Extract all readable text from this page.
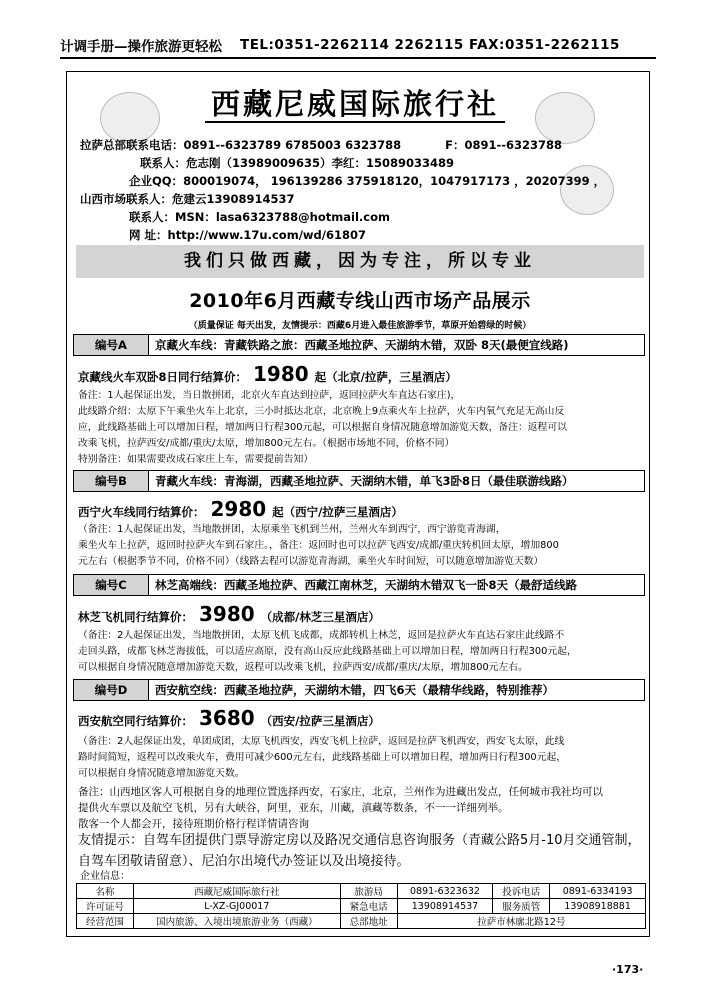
计调手册—操作旅游更轻松 TEL:0351-2262114 2262115 FAX:0351-2262115
西藏尼威国际旅行社
拉萨总部联系电话：0891--6323789 6785003 6323788	F：0891--6323788
联系人：危志刚（13989009635）李红：15089033489
企业QQ：800019074， 196139286 375918120，1047917173 ，20207399 ，
山西市场联系人：危建云13908914537
联系人：MSN：lasa6323788@hotmail.com
网 址：http://www.17u.com/wd/61807
我们只做西藏，因为专注，所以专业
2010年6月西藏专线山西市场产品展示
（质量保证 每天出发，友情提示：西藏6月进入最佳旅游季节，草原开始碧绿的时候）
编号A	京藏火车线：青藏铁路之旅：西藏圣地拉萨、天湖纳木错，双卧 8天(最便宜线路)
京藏线火车双卧8日同行结算价： 1980 起（北京/拉萨，三星酒店）

备注：1人起保证出发，当日散拼团，北京火车直达到拉萨，返回拉萨火车直达石家庄)，

此线路介绍：太原下午乘坐火车上北京，三小时抵达北京，北京晚上9点乘火车上拉萨，火车内氧气充足无高山反

应，此线路基础上可以增加日程，增加两日行程300元起，可以根据自身情况随意增加游览天数，备注：返程可以

改乘飞机，拉萨西安/成都/重庆/太原，增加800元左右。（根据市场地不同，价格不同）

特别备注：如果需要改成石家庄上车，需要提前告知）

编号B	青藏火车线：青海湖，西藏圣地拉萨、天湖纳木错，单飞3卧8日（最佳联游线路）
西宁火车线同行结算价： 2980 起（西宁/拉萨三星酒店）

（备注：1人起保证出发，当地散拼团，太原乘坐飞机到兰州，兰州火车到西宁，西宁游览青海湖，

乘坐火车上拉萨，返回时拉萨火车到石家庄。，备注：返回时也可以拉萨飞西安/成都/重庆转机回太原，增加800

元左右（根据季节不同，价格不同）（线路去程可以游览青海湖，乘坐火车时间短，可以随意增加游览天数）

编号C	林芝高端线：西藏圣地拉萨、西藏江南林芝，天湖纳木错双飞一卧8天（最舒适线路
林芝飞机同行结算价： 3980 （成都/林芝三星酒店）

（备注：2人起保证出发，当地散拼团，太原飞机飞成都，成都转机上林芝，返回是拉萨火车直达石家庄此线路不

走回头路，成都飞林芝海拔低，可以适应高原，没有高山反应此线路基础上可以增加日程，增加两日行程300元起，

可以根据自身情况随意增加游览天数，返程可以改乘飞机，拉萨西安/成都/重庆/太原，增加800元左右。

编号D	西安航空线：西藏圣地拉萨，天湖纳木错，四飞6天（最精华线路，特别推荐）
西安航空同行结算价： 3680 （西安/拉萨三星酒店）

（备注：2人起保证出发，单团成团，太原飞机西安，西安飞机上拉萨，返回是拉萨飞机西安，西安飞太原，此线

路时间简短，返程可以改乘火车，费用可减少600元左右，此线路基础上可以增加日程，增加两日行程300元起，

可以根据自身情况随意增加游览天数。

备注：山西地区客人可根据自身的地理位置选择西安，石家庄，北京，兰州作为进藏出发点，任何城市我社均可以

提供火车票以及航空飞机，另有大峡谷，阿里，亚东，川藏，滇藏等数条，不一一详细列举。

散客一个人都会开，接待班期价格行程详情请咨询

友情提示：自驾车团提供门票导游定房以及路况交通信息咨询服务（青藏公路5月-10月交通管制，自驾车团敬请留意）、尼泊尔出境代办签证以及出境接待。
企业信息：
名称	西藏尼威国际旅行社	旅游局	0891-6323632	投诉电话	0891-6334193
许可证号	L-XZ-GJ00017	紧急电话	13908914537	服务质管	13908918881
经营范围	国内旅游、入境出境旅游业务（西藏）	总部地址	拉萨市林廓北路12号		
·173·
